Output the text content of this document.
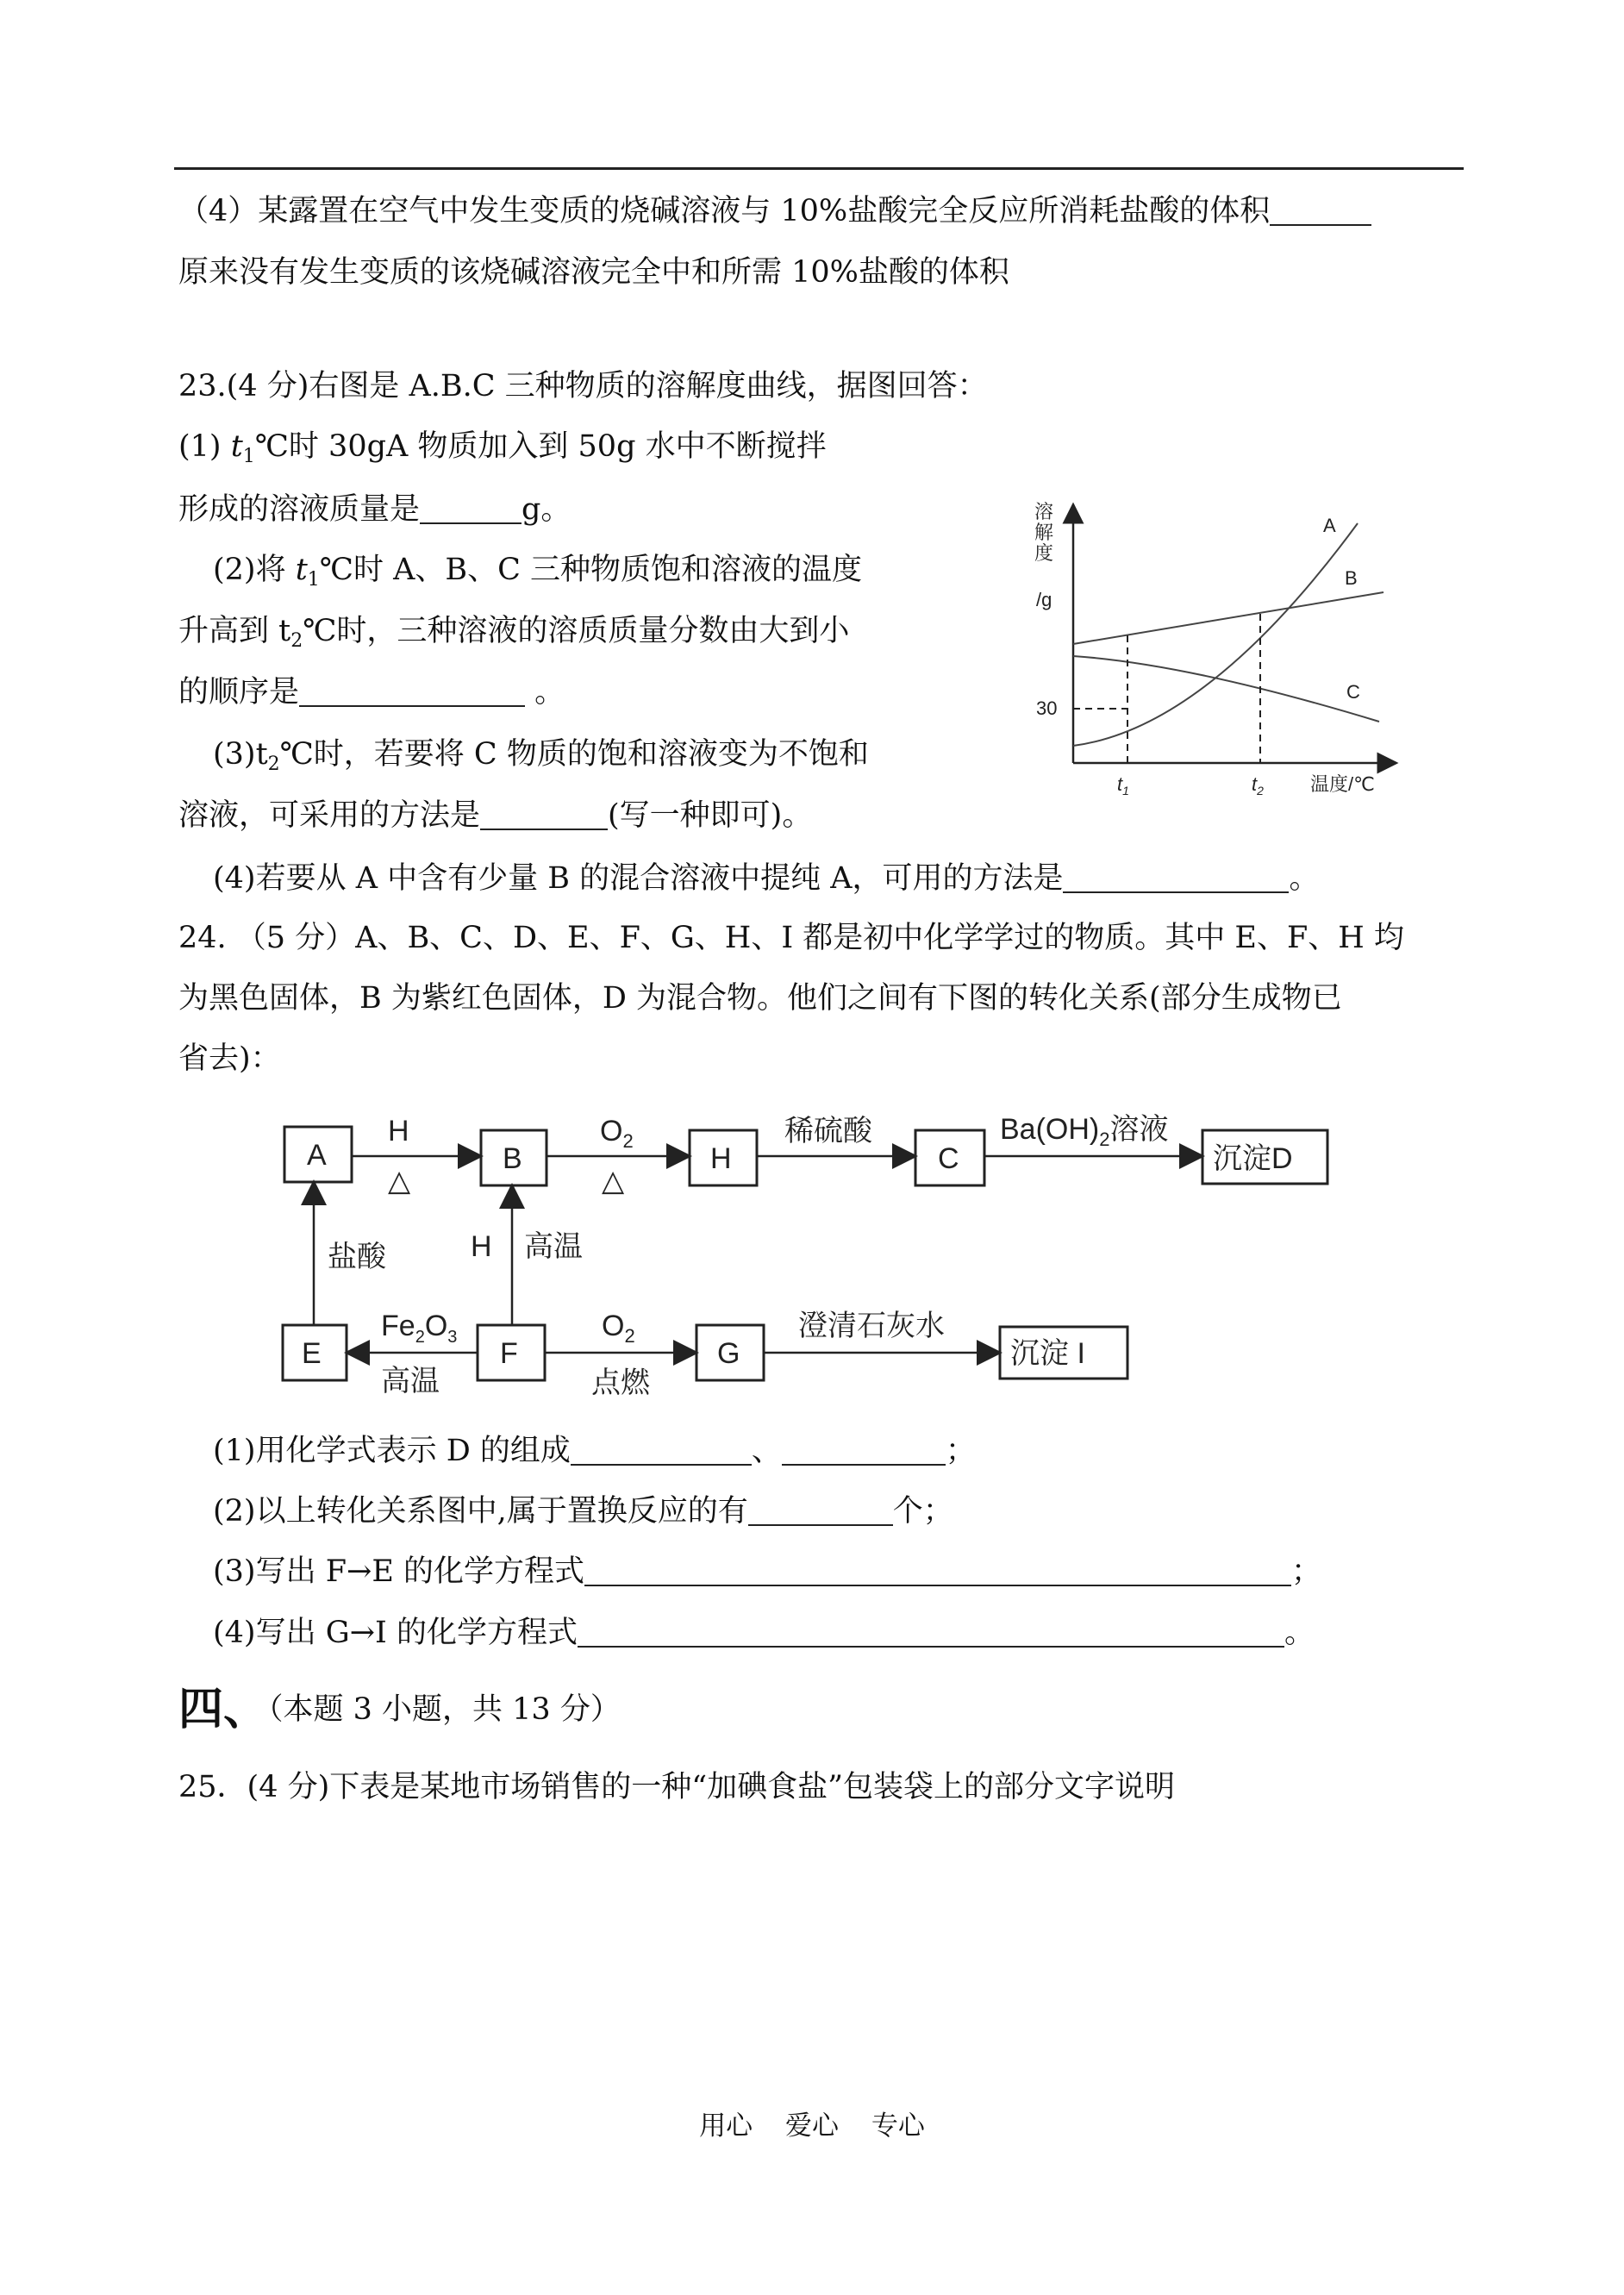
（4）某露置在空气中发生变质的烧碱溶液与 10%盐酸完全反应所消耗盐酸的体积
原来没有发生变质的该烧碱溶液完全中和所需 10%盐酸的体积
23.(4 分)右图是 A.B.C 三种物质的溶解度曲线，据图回答：
(1) $t_1℃$时 30gA 物质加入到 50g 水中不断搅拌
形成的溶液质量是	g。
(2)将 $t_1℃$时 A、B、C 三种物质饱和溶液的温度
升高到 $t_2℃$时，三种溶液的溶质质量分数由大到小
的顺序是	。
$(3)t_2℃$时，若要将 C 物质的饱和溶液变为不饱和
溶液，可采用的方法是	(写一种即可)。
(4)若要从 A 中含有少量 B 的混合溶液中提纯 A，可用的方法是	。
溶
解
度
/g
30
A
B
C
$t_1$	$t_2$ 温度/℃
24. （5 分）A、B、C、D、E、F、G、H、I 都是初中化学学过的物质。其中 E、F、H 均
为黑色固体，B 为紫红色固体，D 为混合物。他们之间有下图的转化关系(部分生成物已
省去)：
A	B	H	C	沉淀D
E	F	G	沉淀 I
H
△
$O_2$
△
稀硫酸	$Ba(OH)_2$溶液
盐酸	H 高温
$Fe_2O_3$
高温
$O_2$
点燃
澄清石灰水
(1)用化学式表示 D 的组成	、	；
(2)以上转化关系图中,属于置换反应的有	个；
(3)写出 F→E 的化学方程式	；
(4)写出 G→I 的化学方程式	。
四、（本题 3 小题，共 13 分）
25．(4 分)下表是某地市场销售的一种“加碘食盐”包装袋上的部分文字说明
用心 爱心 专心
